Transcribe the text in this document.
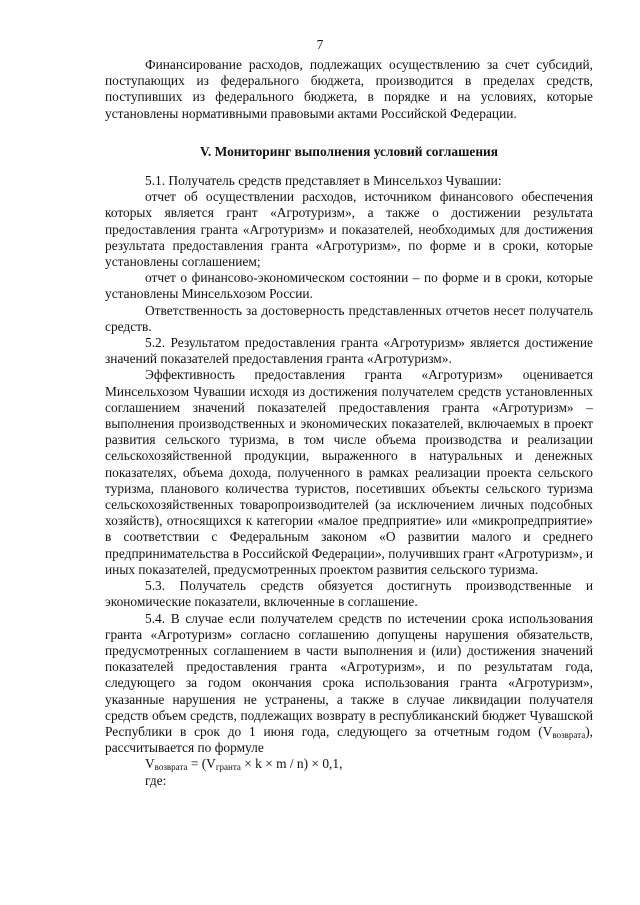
7

Финансирование расходов, подлежащих осуществлению за счет субсидий, поступающих из федерального бюджета, производится в пределах средств, поступивших из федерального бюджета, в порядке и на условиях, которые установлены нормативными правовыми актами Российской Федерации.

V. Мониторинг выполнения условий соглашения

5.1. Получатель средств представляет в Минсельхоз Чувашии:

отчет об осуществлении расходов, источником финансового обеспечения которых является грант «Агротуризм», а также о достижении результата предоставления гранта «Агротуризм» и показателей, необходимых для достижения результата предоставления гранта «Агротуризм», по форме и в сроки, которые установлены соглашением;

отчет о финансово-экономическом состоянии – по форме и в сроки, которые установлены Минсельхозом России.

Ответственность за достоверность представленных отчетов несет получатель средств.

5.2. Результатом предоставления гранта «Агротуризм» является достижение значений показателей предоставления гранта «Агротуризм».

Эффективность предоставления гранта «Агротуризм» оценивается Минсельхозом Чувашии исходя из достижения получателем средств установленных соглашением значений показателей предоставления гранта «Агротуризм» – выполнения производственных и экономических показателей, включаемых в проект развития сельского туризма, в том числе объема производства и реализации сельскохозяйственной продукции, выраженного в натуральных и денежных показателях, объема дохода, полученного в рамках реализации проекта сельского туризма, планового количества туристов, посетивших объекты сельского туризма сельскохозяйственных товаропроизводителей (за исключением личных подсобных хозяйств), относящихся к категории «малое предприятие» или «микропредприятие» в соответствии с Федеральным законом «О развитии малого и среднего предпринимательства в Российской Федерации», получивших грант «Агротуризм», и иных показателей, предусмотренных проектом развития сельского туризма.

5.3. Получатель средств обязуется достигнуть производственные и экономические показатели, включенные в соглашение.

5.4. В случае если получателем средств по истечении срока использования гранта «Агротуризм» согласно соглашению допущены нарушения обязательств, предусмотренных соглашением в части выполнения и (или) достижения значений показателей предоставления гранта «Агротуризм», и по результатам года, следующего за годом окончания срока использования гранта «Агротуризм», указанные нарушения не устранены, а также в случае ликвидации получателя средств объем средств, подлежащих возврату в республиканский бюджет Чувашской Республики в срок до 1 июня года, следующего за отчетным годом $(V_{возврата})$, рассчитывается по формуле

$V_{возврата} = (V_{гранта} \times k \times m / n) \times 0,1$,

где:
